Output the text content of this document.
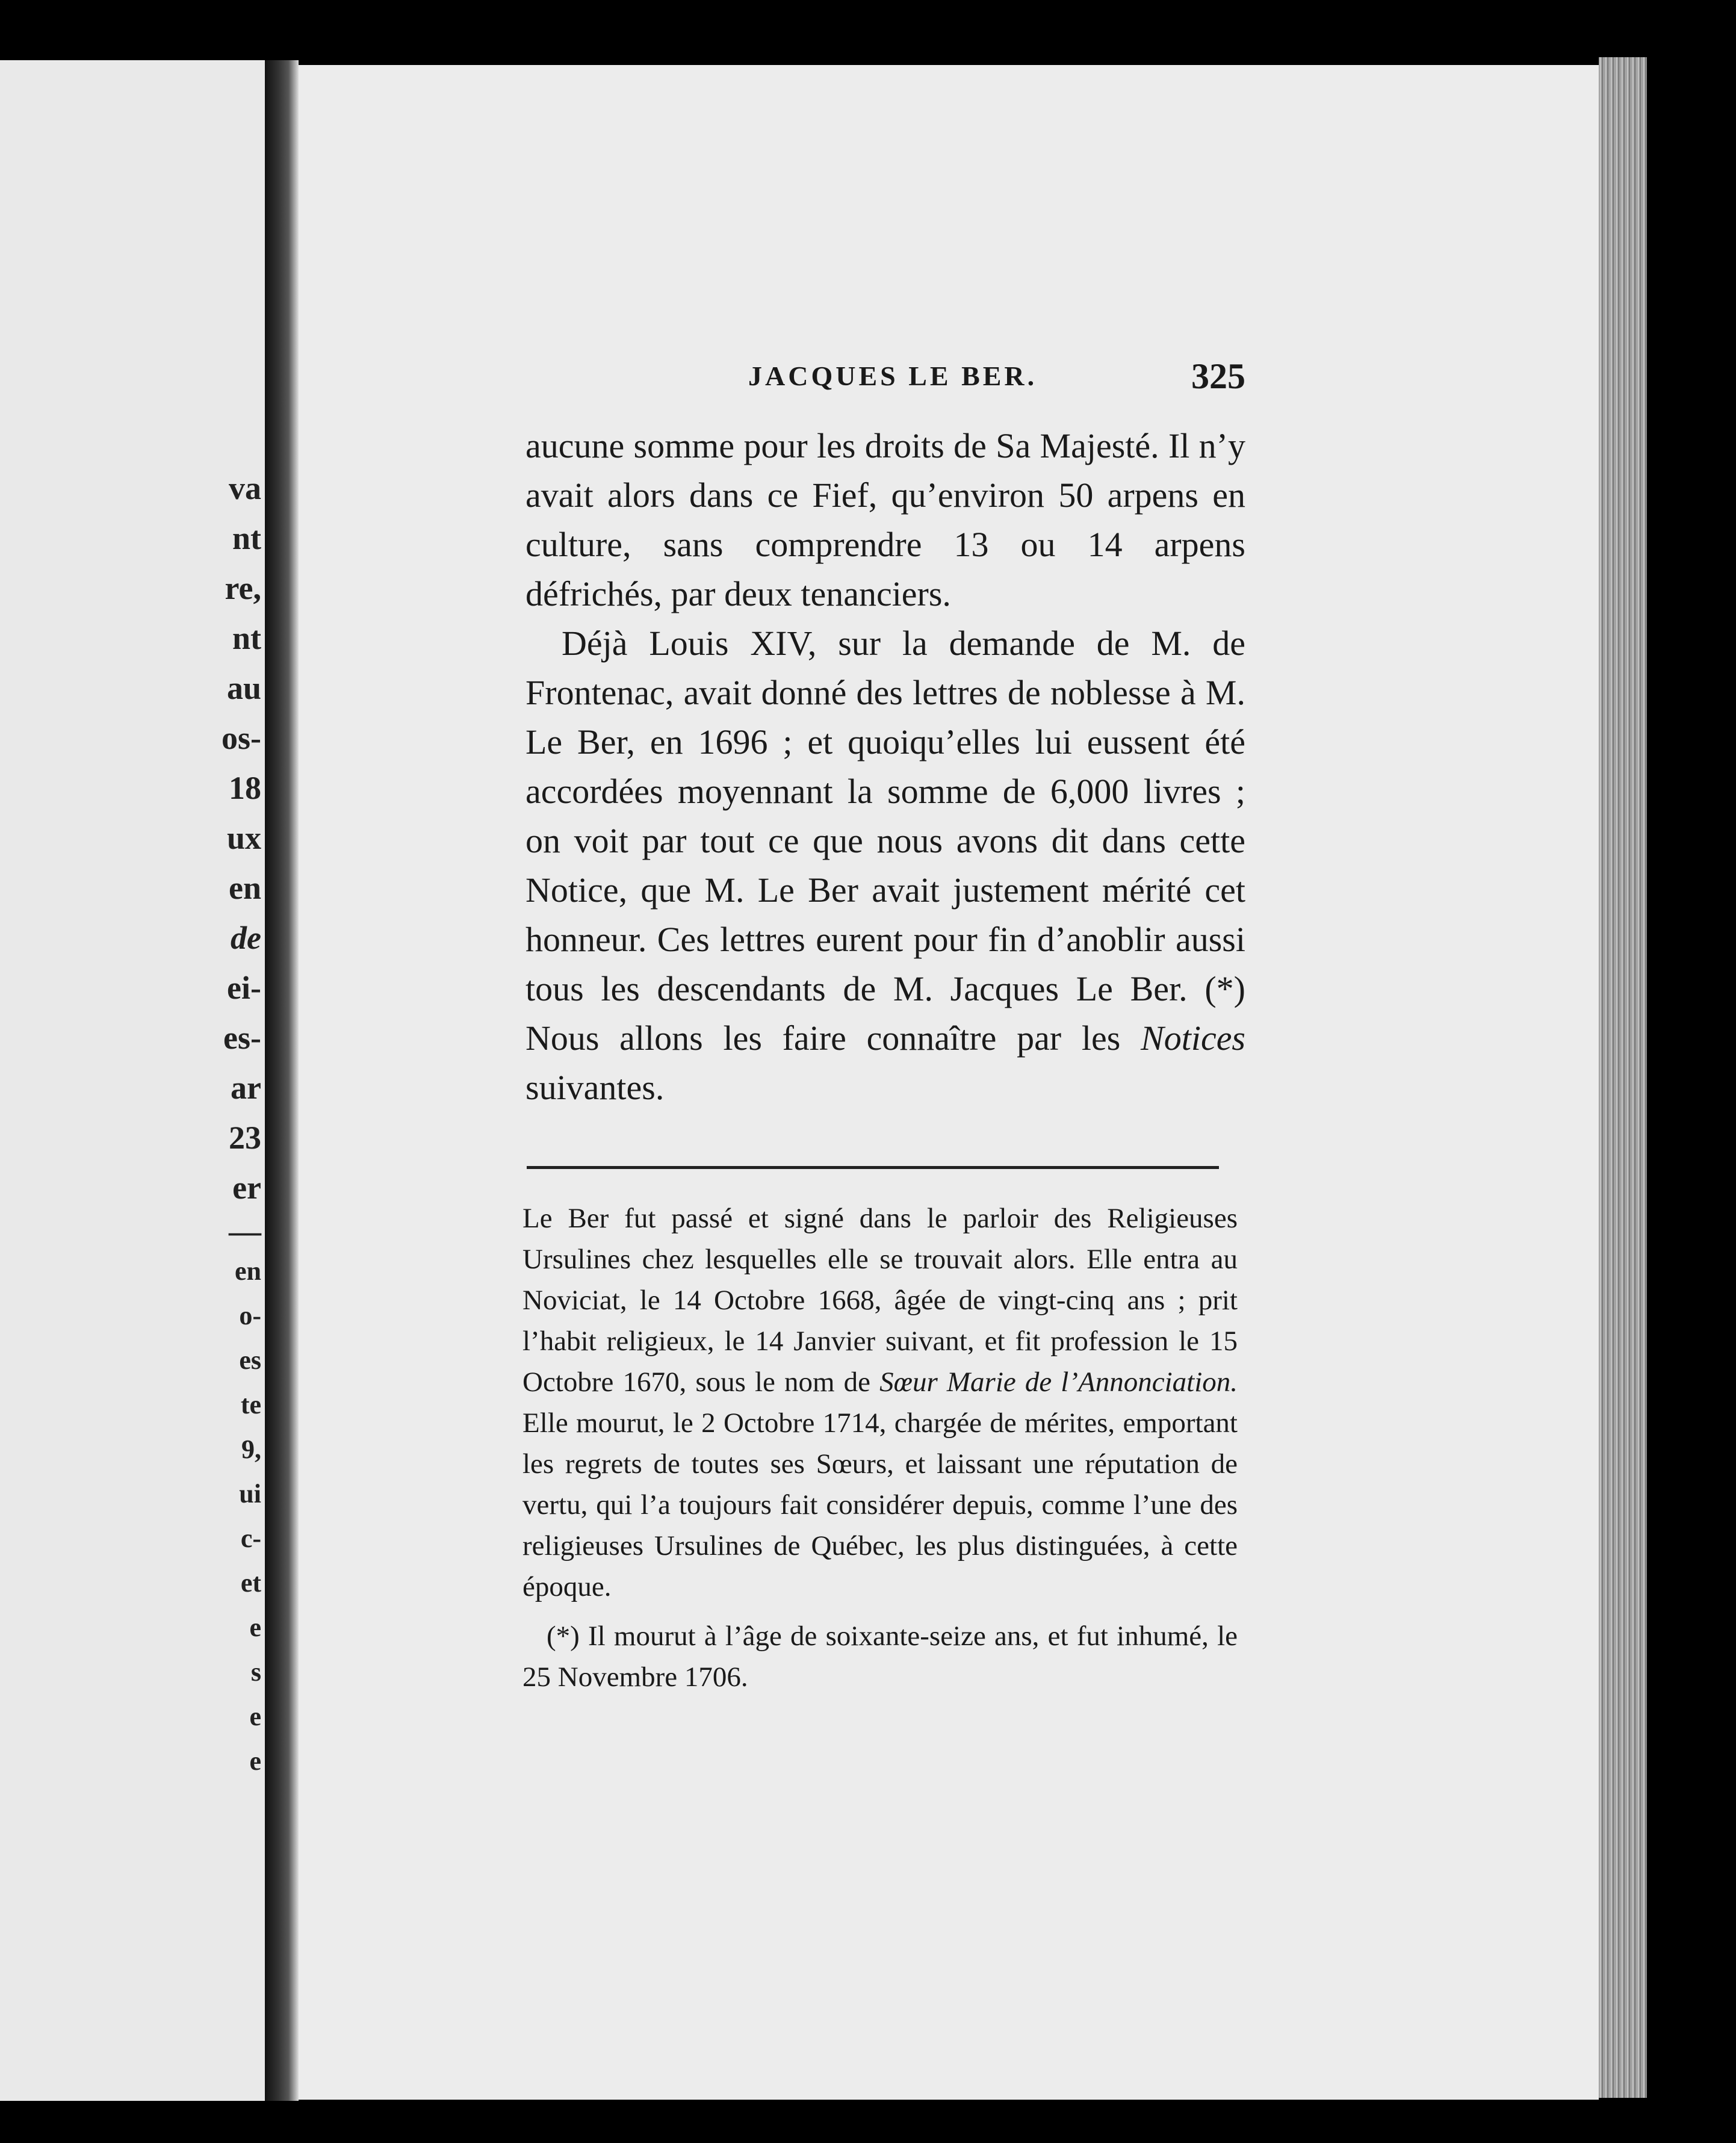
va
nt
re,
nt
au
os-
18
ux
en
de
ei-
es-
ar
23
er
—
en
o-
es
te
9,
ui
c-
et
e
s
e
e
JACQUES LE BER.	325

aucune somme pour les droits de Sa Majesté. Il n’y avait alors dans ce Fief, qu’environ 50 arpens en culture, sans comprendre 13 ou 14 arpens défrichés, par deux tenanciers.

Déjà Louis XIV, sur la demande de M. de Frontenac, avait donné des lettres de noblesse à M. Le Ber, en 1696 ; et quoiqu’elles lui eussent été accordées moyennant la somme de 6,000 livres ; on voit par tout ce que nous avons dit dans cette Notice, que M. Le Ber avait justement mérité cet honneur. Ces lettres eurent pour fin d’anoblir aussi tous les descendants de M. Jacques Le Ber. (*) Nous allons les faire connaître par les Notices suivantes.

Le Ber fut passé et signé dans le parloir des Religieuses Ursulines chez lesquelles elle se trouvait alors. Elle entra au Noviciat, le 14 Octobre 1668, âgée de vingt-cinq ans ; prit l’habit religieux, le 14 Janvier suivant, et fit profession le 15 Octobre 1670, sous le nom de Sœur Marie de l’Annonciation. Elle mourut, le 2 Octobre 1714, chargée de mérites, emportant les regrets de toutes ses Sœurs, et laissant une réputation de vertu, qui l’a toujours fait considérer depuis, comme l’une des religieuses Ursulines de Québec, les plus distinguées, à cette époque.

(*) Il mourut à l’âge de soixante-seize ans, et fut inhumé, le 25 Novembre 1706.
